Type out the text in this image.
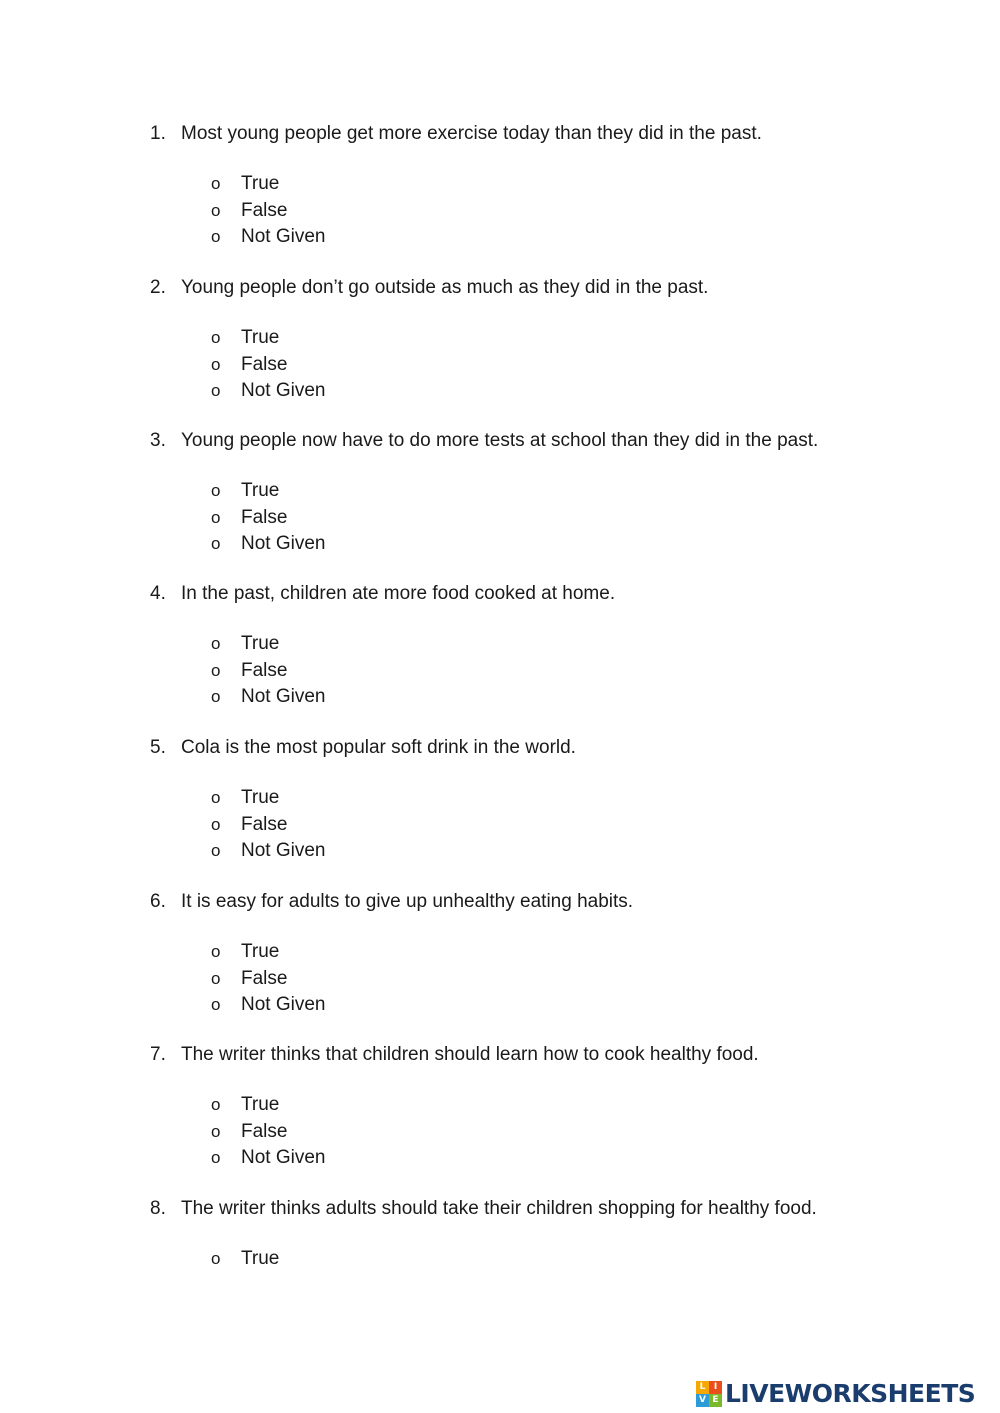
1. Most young people get more exercise today than they did in the past.
o True
o False
o Not Given
2. Young people don’t go outside as much as they did in the past.
o True
o False
o Not Given
3. Young people now have to do more tests at school than they did in the past.
o True
o False
o Not Given
4. In the past, children ate more food cooked at home.
o True
o False
o Not Given
5. Cola is the most popular soft drink in the world.
o True
o False
o Not Given
6. It is easy for adults to give up unhealthy eating habits.
o True
o False
o Not Given
7. The writer thinks that children should learn how to cook healthy food.
o True
o False
o Not Given
8. The writer thinks adults should take their children shopping for healthy food.
o True
L I
V E LIVEWORKSHEETS
